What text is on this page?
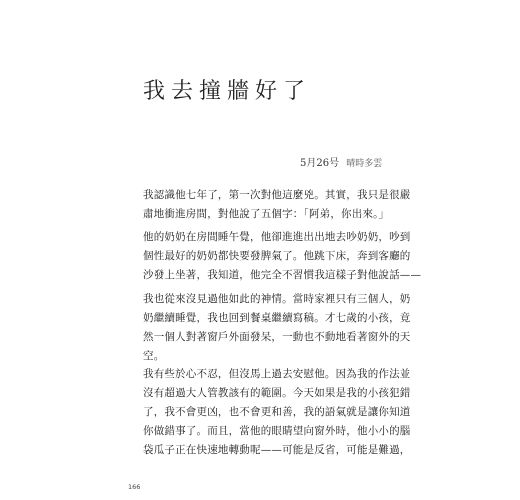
我去撞牆好了
5月26号 晴時多雲
我認識他七年了，第一次對他這麼兇。其實，我只是很嚴
肅地衝進房間，對他說了五個字：「阿弟，你出來。」
他的奶奶在房間睡午覺，他卻進進出出地去吵奶奶，吵到
個性最好的奶奶都快要發脾氣了。他跳下床，奔到客廳的
沙發上坐著，我知道，他完全不習慣我這樣子對他說話——
我也從來沒見過他如此的神情。當時家裡只有三個人，奶
奶繼續睡覺，我也回到餐桌繼續寫稿。才七歲的小孩，竟
然一個人對著窗戶外面發呆，一動也不動地看著窗外的天
空。
我有些於心不忍，但沒馬上過去安慰他。因為我的作法並
沒有超過大人管教該有的範圍。今天如果是我的小孩犯錯
了，我不會更凶，也不會更和善，我的語氣就是讓你知道
你做錯事了。而且，當他的眼睛望向窗外時，他小小的腦
袋瓜子正在快速地轉動呢——可能是反省，可能是難過，
166
